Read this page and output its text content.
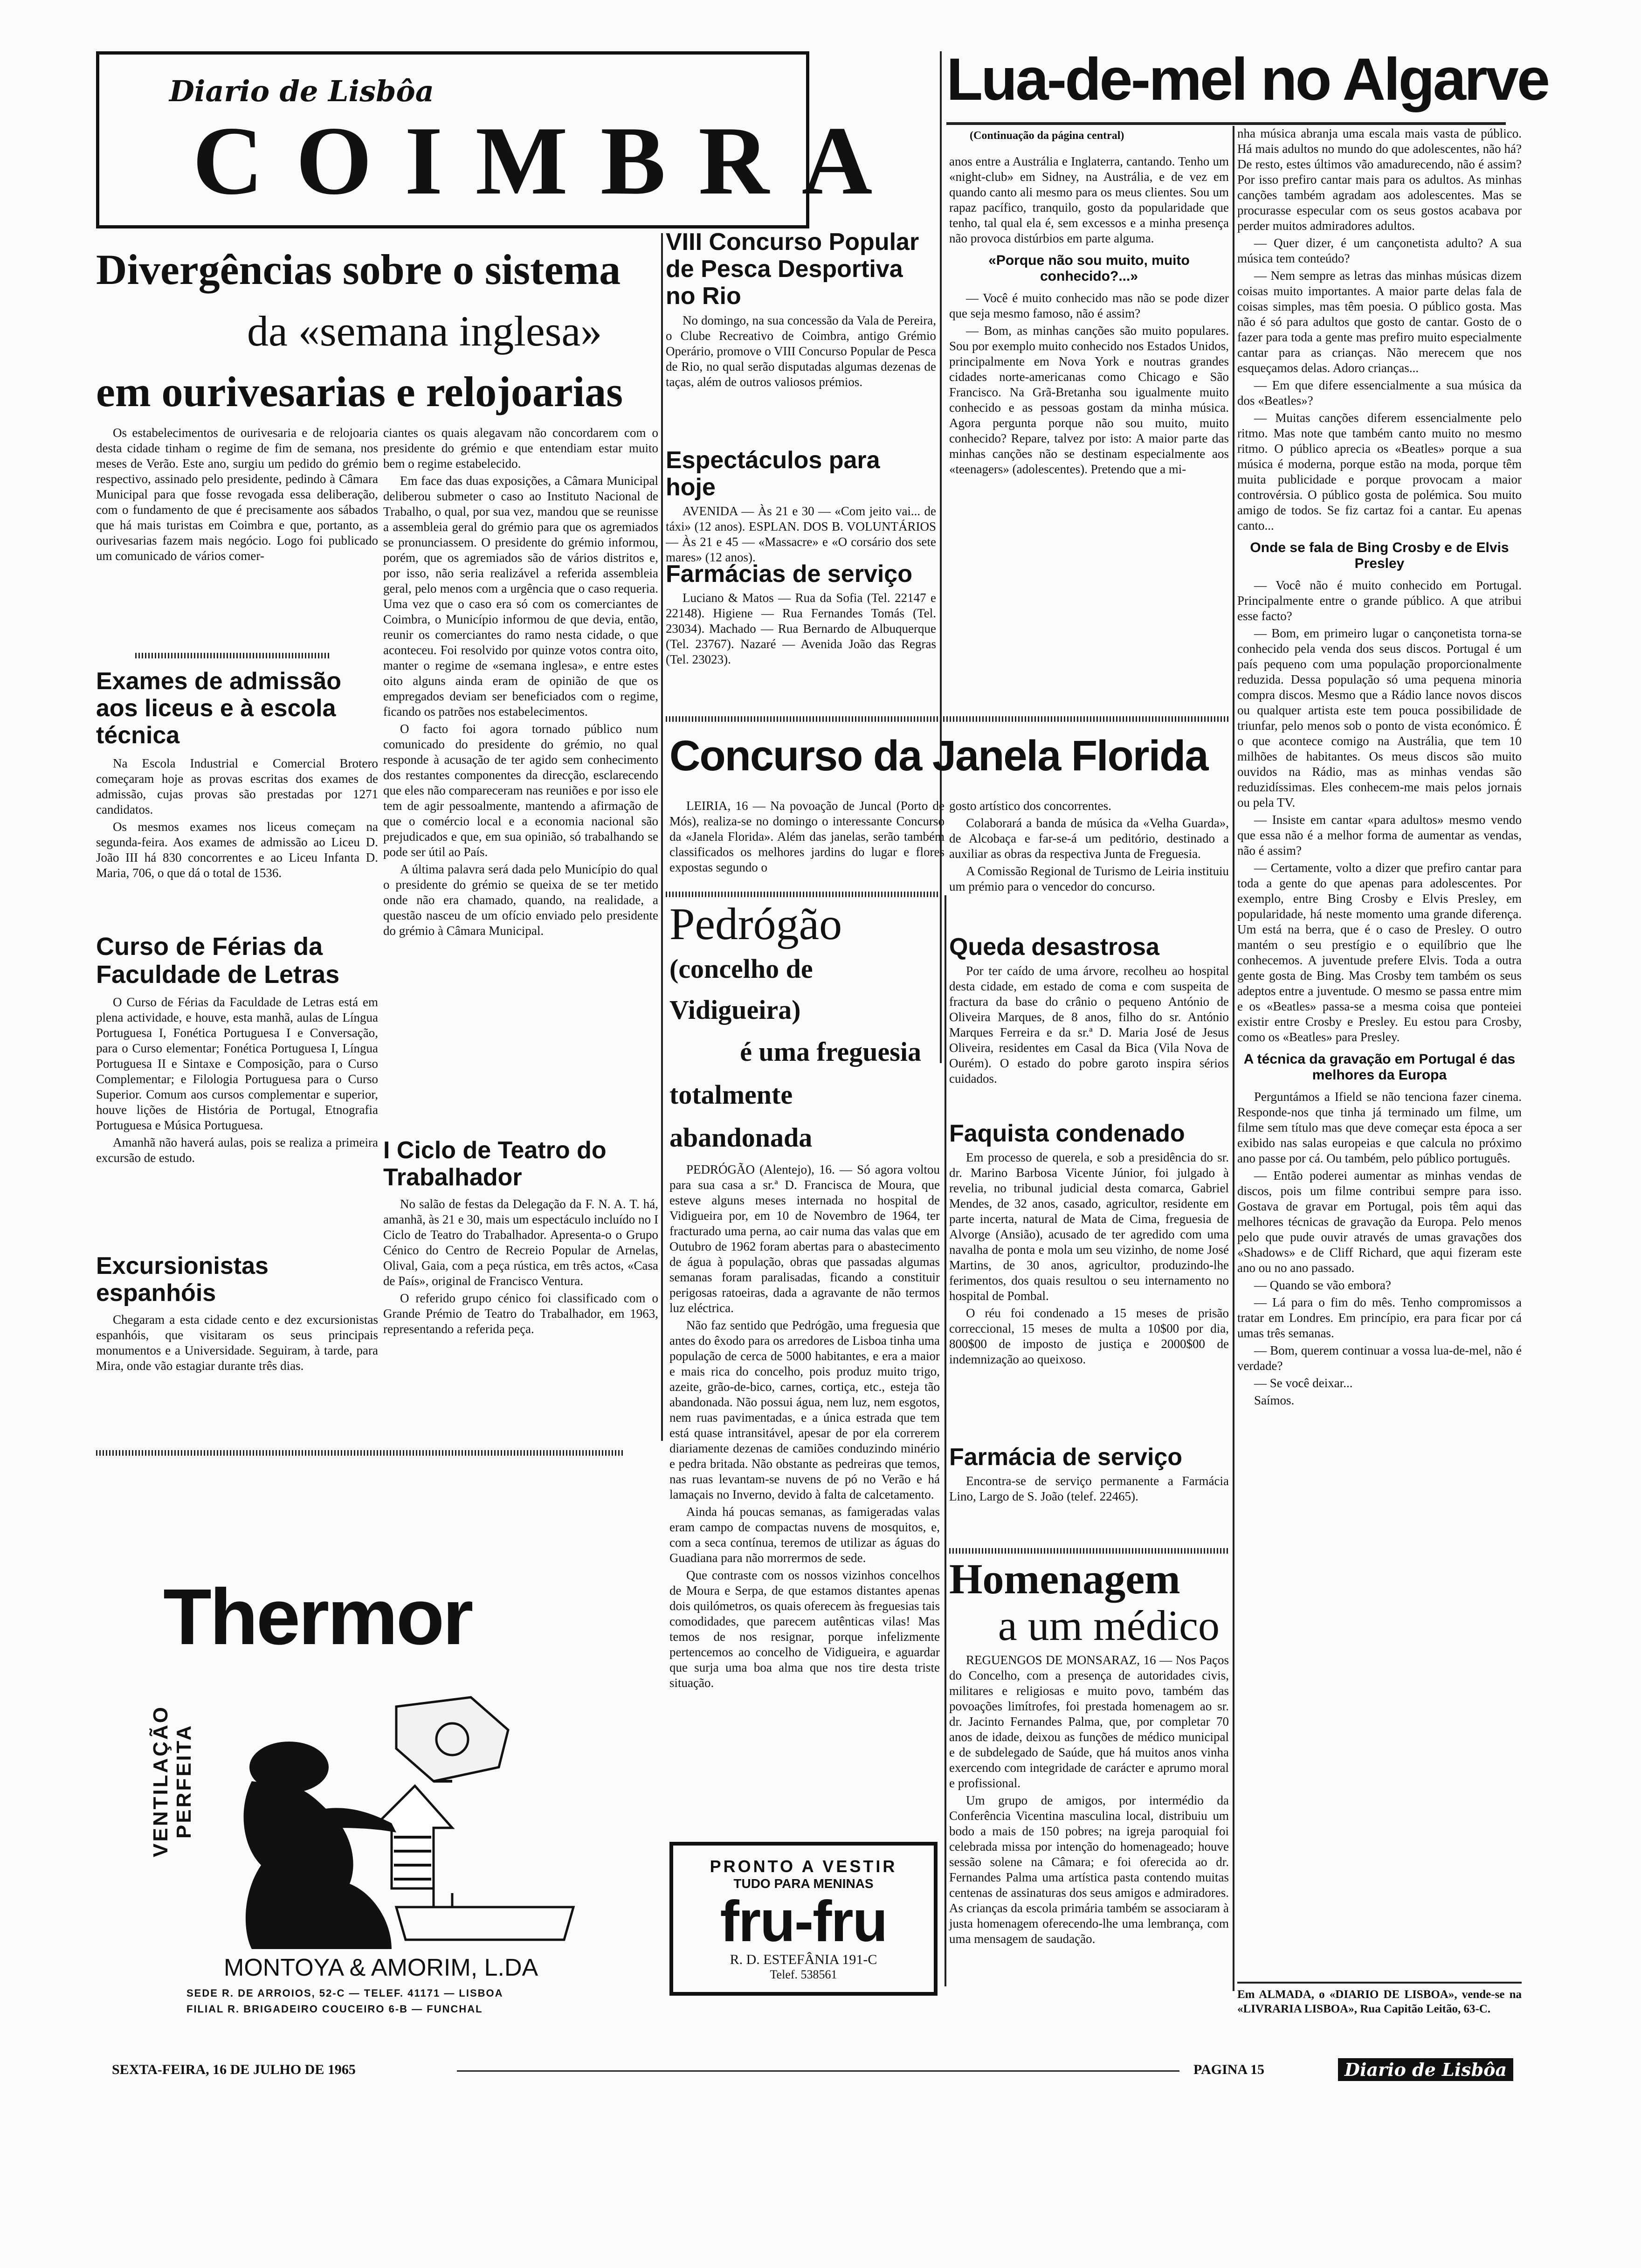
Diario de Lisbôa
COIMBRA
Lua-de-mel no Algarve
Divergências sobre o sistema
da «semana inglesa»
em ourivesarias e relojoarias

Os estabelecimentos de ourivesaria e de relojoaria desta cidade tinham o regime de fim de semana, nos meses de Verão. Este ano, surgiu um pedido do grémio respectivo, assinado pelo presidente, pedindo à Câmara Municipal para que fosse revogada essa deliberação, com o fundamento de que é precisamente aos sábados que há mais turistas em Coimbra e que, portanto, as ourivesarias fazem mais negócio. Logo foi publicado um comunicado de vários comer-

ciantes os quais alegavam não concordarem com o presidente do grémio e que entendiam estar muito bem o regime estabelecido.

Em face das duas exposições, a Câmara Municipal deliberou submeter o caso ao Instituto Nacional de Trabalho, o qual, por sua vez, mandou que se reunisse a assembleia geral do grémio para que os agremiados se pronunciassem. O presidente do grémio informou, porém, que os agremiados são de vários distritos e, por isso, não seria realizável a referida assembleia geral, pelo menos com a urgência que o caso requeria. Uma vez que o caso era só com os comerciantes de Coimbra, o Município informou de que devia, então, reunir os comerciantes do ramo nesta cidade, o que aconteceu. Foi resolvido por quinze votos contra oito, manter o regime de «semana inglesa», e entre estes oito alguns ainda eram de opinião de que os empregados deviam ser beneficiados com o regime, ficando os patrões nos estabelecimentos.

O facto foi agora tornado público num comunicado do presidente do grémio, no qual responde à acusação de ter agido sem conhecimento dos restantes componentes da direcção, esclarecendo que eles não compareceram nas reuniões e por isso ele tem de agir pessoalmente, mantendo a afirmação de que o comércio local e a economia nacional são prejudicados e que, em sua opinião, só trabalhando se pode ser útil ao País.

A última palavra será dada pelo Município do qual o presidente do grémio se queixa de se ter metido onde não era chamado, quando, na realidade, a questão nasceu de um ofício enviado pelo presidente do grémio à Câmara Municipal.

Exames de admissão aos liceus e à escola técnica

Na Escola Industrial e Comercial Brotero começaram hoje as provas escritas dos exames de admissão, cujas provas são prestadas por 1271 candidatos.

Os mesmos exames nos liceus começam na segunda-feira. Aos exames de admissão ao Liceu D. João III há 830 concorrentes e ao Liceu Infanta D. Maria, 706, o que dá o total de 1536.

Curso de Férias da Faculdade de Letras

O Curso de Férias da Faculdade de Letras está em plena actividade, e houve, esta manhã, aulas de Língua Portuguesa I, Fonética Portuguesa I e Conversação, para o Curso elementar; Fonética Portuguesa I, Língua Portuguesa II e Sintaxe e Composição, para o Curso Complementar; e Filologia Portuguesa para o Curso Superior. Comum aos cursos complementar e superior, houve lições de História de Portugal, Etnografia Portuguesa e Música Portuguesa.

Amanhã não haverá aulas, pois se realiza a primeira excursão de estudo.

Excursionistas espanhóis

Chegaram a esta cidade cento e dez excursionistas espanhóis, que visitaram os seus principais monumentos e a Universidade. Seguiram, à tarde, para Mira, onde vão estagiar durante três dias.

I Ciclo de Teatro do Trabalhador

No salão de festas da Delegação da F. N. A. T. há, amanhã, às 21 e 30, mais um espectáculo incluído no I Ciclo de Teatro do Trabalhador. Apresenta-o o Grupo Cénico do Centro de Recreio Popular de Arnelas, Olival, Gaia, com a peça rústica, em três actos, «Casa de País», original de Francisco Ventura.

O referido grupo cénico foi classificado com o Grande Prémio de Teatro do Trabalhador, em 1963, representando a referida peça.

VIII Concurso Popular de Pesca Desportiva no Rio

No domingo, na sua concessão da Vala de Pereira, o Clube Recreativo de Coimbra, antigo Grémio Operário, promove o VIII Concurso Popular de Pesca de Rio, no qual serão disputadas algumas dezenas de taças, além de outros valiosos prémios.

Espectáculos para hoje

AVENIDA — Às 21 e 30 — «Com jeito vai... de táxi» (12 anos). ESPLAN. DOS B. VOLUNTÁRIOS — Às 21 e 45 — «Massacre» e «O corsário dos sete mares» (12 anos).

Farmácias de serviço

Luciano & Matos — Rua da Sofia (Tel. 22147 e 22148). Higiene — Rua Fernandes Tomás (Tel. 23034). Machado — Rua Bernardo de Albuquerque (Tel. 23767). Nazaré — Avenida João das Regras (Tel. 23023).

(Continuação da página central)

anos entre a Austrália e Inglaterra, cantando. Tenho um «night-club» em Sidney, na Austrália, e de vez em quando canto ali mesmo para os meus clientes. Sou um rapaz pacífico, tranquilo, gosto da popularidade que tenho, tal qual ela é, sem excessos e a minha presença não provoca distúrbios em parte alguma.

«Porque não sou muito, muito conhecido?...»

— Você é muito conhecido mas não se pode dizer que seja mesmo famoso, não é assim?

— Bom, as minhas canções são muito populares. Sou por exemplo muito conhecido nos Estados Unidos, principalmente em Nova York e noutras grandes cidades norte-americanas como Chicago e São Francisco. Na Grã-Bretanha sou igualmente muito conhecido e as pessoas gostam da minha música. Agora pergunta porque não sou muito, muito conhecido? Repare, talvez por isto: A maior parte das minhas canções não se destinam especialmente aos «teenagers» (adolescentes). Pretendo que a mi-

nha música abranja uma escala mais vasta de público. Há mais adultos no mundo do que adolescentes, não há? De resto, estes últimos vão amadurecendo, não é assim? Por isso prefiro cantar mais para os adultos. As minhas canções também agradam aos adolescentes. Mas se procurasse especular com os seus gostos acabava por perder muitos admiradores adultos.

— Quer dizer, é um cançonetista adulto? A sua música tem conteúdo?

— Nem sempre as letras das minhas músicas dizem coisas muito importantes. A maior parte delas fala de coisas simples, mas têm poesia. O público gosta. Mas não é só para adultos que gosto de cantar. Gosto de o fazer para toda a gente mas prefiro muito especialmente cantar para as crianças. Não merecem que nos esqueçamos delas. Adoro crianças...

— Em que difere essencialmente a sua música da dos «Beatles»?

— Muitas canções diferem essencialmente pelo ritmo. Mas note que também canto muito no mesmo ritmo. O público aprecia os «Beatles» porque a sua música é moderna, porque estão na moda, porque têm muita publicidade e porque provocam a maior controvérsia. O público gosta de polémica. Sou muito amigo de todos. Se fiz cartaz foi a cantar. Eu apenas canto...

Onde se fala de Bing Crosby e de Elvis Presley

— Você não é muito conhecido em Portugal. Principalmente entre o grande público. A que atribui esse facto?

— Bom, em primeiro lugar o cançonetista torna-se conhecido pela venda dos seus discos. Portugal é um país pequeno com uma população proporcionalmente reduzida. Dessa população só uma pequena minoria compra discos. Mesmo que a Rádio lance novos discos ou qualquer artista este tem pouca possibilidade de triunfar, pelo menos sob o ponto de vista económico. É o que acontece comigo na Austrália, que tem 10 milhões de habitantes. Os meus discos são muito ouvidos na Rádio, mas as minhas vendas são reduzidíssimas. Eles conhecem-me mais pelos jornais ou pela TV.

— Insiste em cantar «para adultos» mesmo vendo que essa não é a melhor forma de aumentar as vendas, não é assim?

— Certamente, volto a dizer que prefiro cantar para toda a gente do que apenas para adolescentes. Por exemplo, entre Bing Crosby e Elvis Presley, em popularidade, há neste momento uma grande diferença. Um está na berra, que é o caso de Presley. O outro mantém o seu prestígio e o equilíbrio que lhe conhecemos. A juventude prefere Elvis. Toda a outra gente gosta de Bing. Mas Crosby tem também os seus adeptos entre a juventude. O mesmo se passa entre mim e os «Beatles» passa-se a mesma coisa que ponteiei existir entre Crosby e Presley. Eu estou para Crosby, como os «Beatles» para Presley.

A técnica da gravação em Portugal é das melhores da Europa

Perguntámos a Ifield se não tenciona fazer cinema. Responde-nos que tinha já terminado um filme, um filme sem título mas que deve começar esta época a ser exibido nas salas europeias e que calcula no próximo ano passe por cá. Ou também, pelo público português.

— Então poderei aumentar as minhas vendas de discos, pois um filme contribui sempre para isso. Gostava de gravar em Portugal, pois têm aqui das melhores técnicas de gravação da Europa. Pelo menos pelo que pude ouvir através de umas gravações dos «Shadows» e de Cliff Richard, que aqui fizeram este ano ou no ano passado.

— Quando se vão embora?

— Lá para o fim do mês. Tenho compromissos a tratar em Londres. Em princípio, era para ficar por cá umas três semanas.

— Bom, querem continuar a vossa lua-de-mel, não é verdade?

— Se você deixar...

Saímos.

Em ALMADA, o «DIARIO DE LISBOA», vende-se na «LIVRARIA LISBOA», Rua Capitão Leitão, 63-C.

Concurso da Janela Florida

LEIRIA, 16 — Na povoação de Juncal (Porto de Mós), realiza-se no domingo o interessante Concurso da «Janela Florida». Além das janelas, serão também classificados os melhores jardins do lugar e flores expostas segundo o

gosto artístico dos concorrentes.

Colaborará a banda de música da «Velha Guarda», de Alcobaça e far-se-á um peditório, destinado a auxiliar as obras da respectiva Junta de Freguesia.

A Comissão Regional de Turismo de Leiria instituiu um prémio para o vencedor do concurso.

Pedrógão
(concelho de Vidigueira)
é uma freguesia
totalmente abandonada

PEDRÓGÃO (Alentejo), 16. — Só agora voltou para sua casa a sr.ª D. Francisca de Moura, que esteve alguns meses internada no hospital de Vidigueira por, em 10 de Novembro de 1964, ter fracturado uma perna, ao cair numa das valas que em Outubro de 1962 foram abertas para o abastecimento de água à população, obras que passadas algumas semanas foram paralisadas, ficando a constituir perigosas ratoeiras, dada a agravante de não termos luz eléctrica.

Não faz sentido que Pedrógão, uma freguesia que antes do êxodo para os arredores de Lisboa tinha uma população de cerca de 5000 habitantes, e era a maior e mais rica do concelho, pois produz muito trigo, azeite, grão-de-bico, carnes, cortiça, etc., esteja tão abandonada. Não possui água, nem luz, nem esgotos, nem ruas pavimentadas, e a única estrada que tem está quase intransitável, apesar de por ela correrem diariamente dezenas de camiões conduzindo minério e pedra britada. Não obstante as pedreiras que temos, nas ruas levantam-se nuvens de pó no Verão e há lamaçais no Inverno, devido à falta de calcetamento.

Ainda há poucas semanas, as famigeradas valas eram campo de compactas nuvens de mosquitos, e, com a seca contínua, teremos de utilizar as águas do Guadiana para não morrermos de sede.

Que contraste com os nossos vizinhos concelhos de Moura e Serpa, de que estamos distantes apenas dois quilómetros, os quais oferecem às freguesias tais comodidades, que parecem autênticas vilas! Mas temos de nos resignar, porque infelizmente pertencemos ao concelho de Vidigueira, e aguardar que surja uma boa alma que nos tire desta triste situação.

Queda desastrosa

Por ter caído de uma árvore, recolheu ao hospital desta cidade, em estado de coma e com suspeita de fractura da base do crânio o pequeno António de Oliveira Marques, de 8 anos, filho do sr. António Marques Ferreira e da sr.ª D. Maria José de Jesus Oliveira, residentes em Casal da Bica (Vila Nova de Ourém). O estado do pobre garoto inspira sérios cuidados.

Faquista condenado

Em processo de querela, e sob a presidência do sr. dr. Marino Barbosa Vicente Júnior, foi julgado à revelia, no tribunal judicial desta comarca, Gabriel Mendes, de 32 anos, casado, agricultor, residente em parte incerta, natural de Mata de Cima, freguesia de Alvorge (Ansião), acusado de ter agredido com uma navalha de ponta e mola um seu vizinho, de nome José Martins, de 30 anos, agricultor, produzindo-lhe ferimentos, dos quais resultou o seu internamento no hospital de Pombal.

O réu foi condenado a 15 meses de prisão correccional, 15 meses de multa a 10$00 por dia, 800$00 de imposto de justiça e 2000$00 de indemnização ao queixoso.

Farmácia de serviço

Encontra-se de serviço permanente a Farmácia Lino, Largo de S. João (telef. 22465).

Homenagem
a um médico

REGUENGOS DE MONSARAZ, 16 — Nos Paços do Concelho, com a presença de autoridades civis, militares e religiosas e muito povo, também das povoações limítrofes, foi prestada homenagem ao sr. dr. Jacinto Fernandes Palma, que, por completar 70 anos de idade, deixou as funções de médico municipal e de subdelegado de Saúde, que há muitos anos vinha exercendo com integridade de carácter e aprumo moral e profissional.

Um grupo de amigos, por intermédio da Conferência Vicentina masculina local, distribuiu um bodo a mais de 150 pobres; na igreja paroquial foi celebrada missa por intenção do homenageado; houve sessão solene na Câmara; e foi oferecida ao dr. Fernandes Palma uma artística pasta contendo muitas centenas de assinaturas dos seus amigos e admiradores. As crianças da escola primária também se associaram à justa homenagem oferecendo-lhe uma lembrança, com uma mensagem de saudação.

Thermor
VENTILAÇÃO PERFEITA
MONTOYA & AMORIM, L.DA
SEDE R. DE ARROIOS, 52-C — TELEF. 41171 — LISBOA
FILIAL R. BRIGADEIRO COUCEIRO 6-B — FUNCHAL
PRONTO A VESTIR
TUDO PARA MENINAS
fru-fru
R. D. ESTEFÂNIA 191-C
Telef. 538561
SEXTA-FEIRA, 16 DE JULHO DE 1965	PAGINA 15	Diario de Lisbôa
